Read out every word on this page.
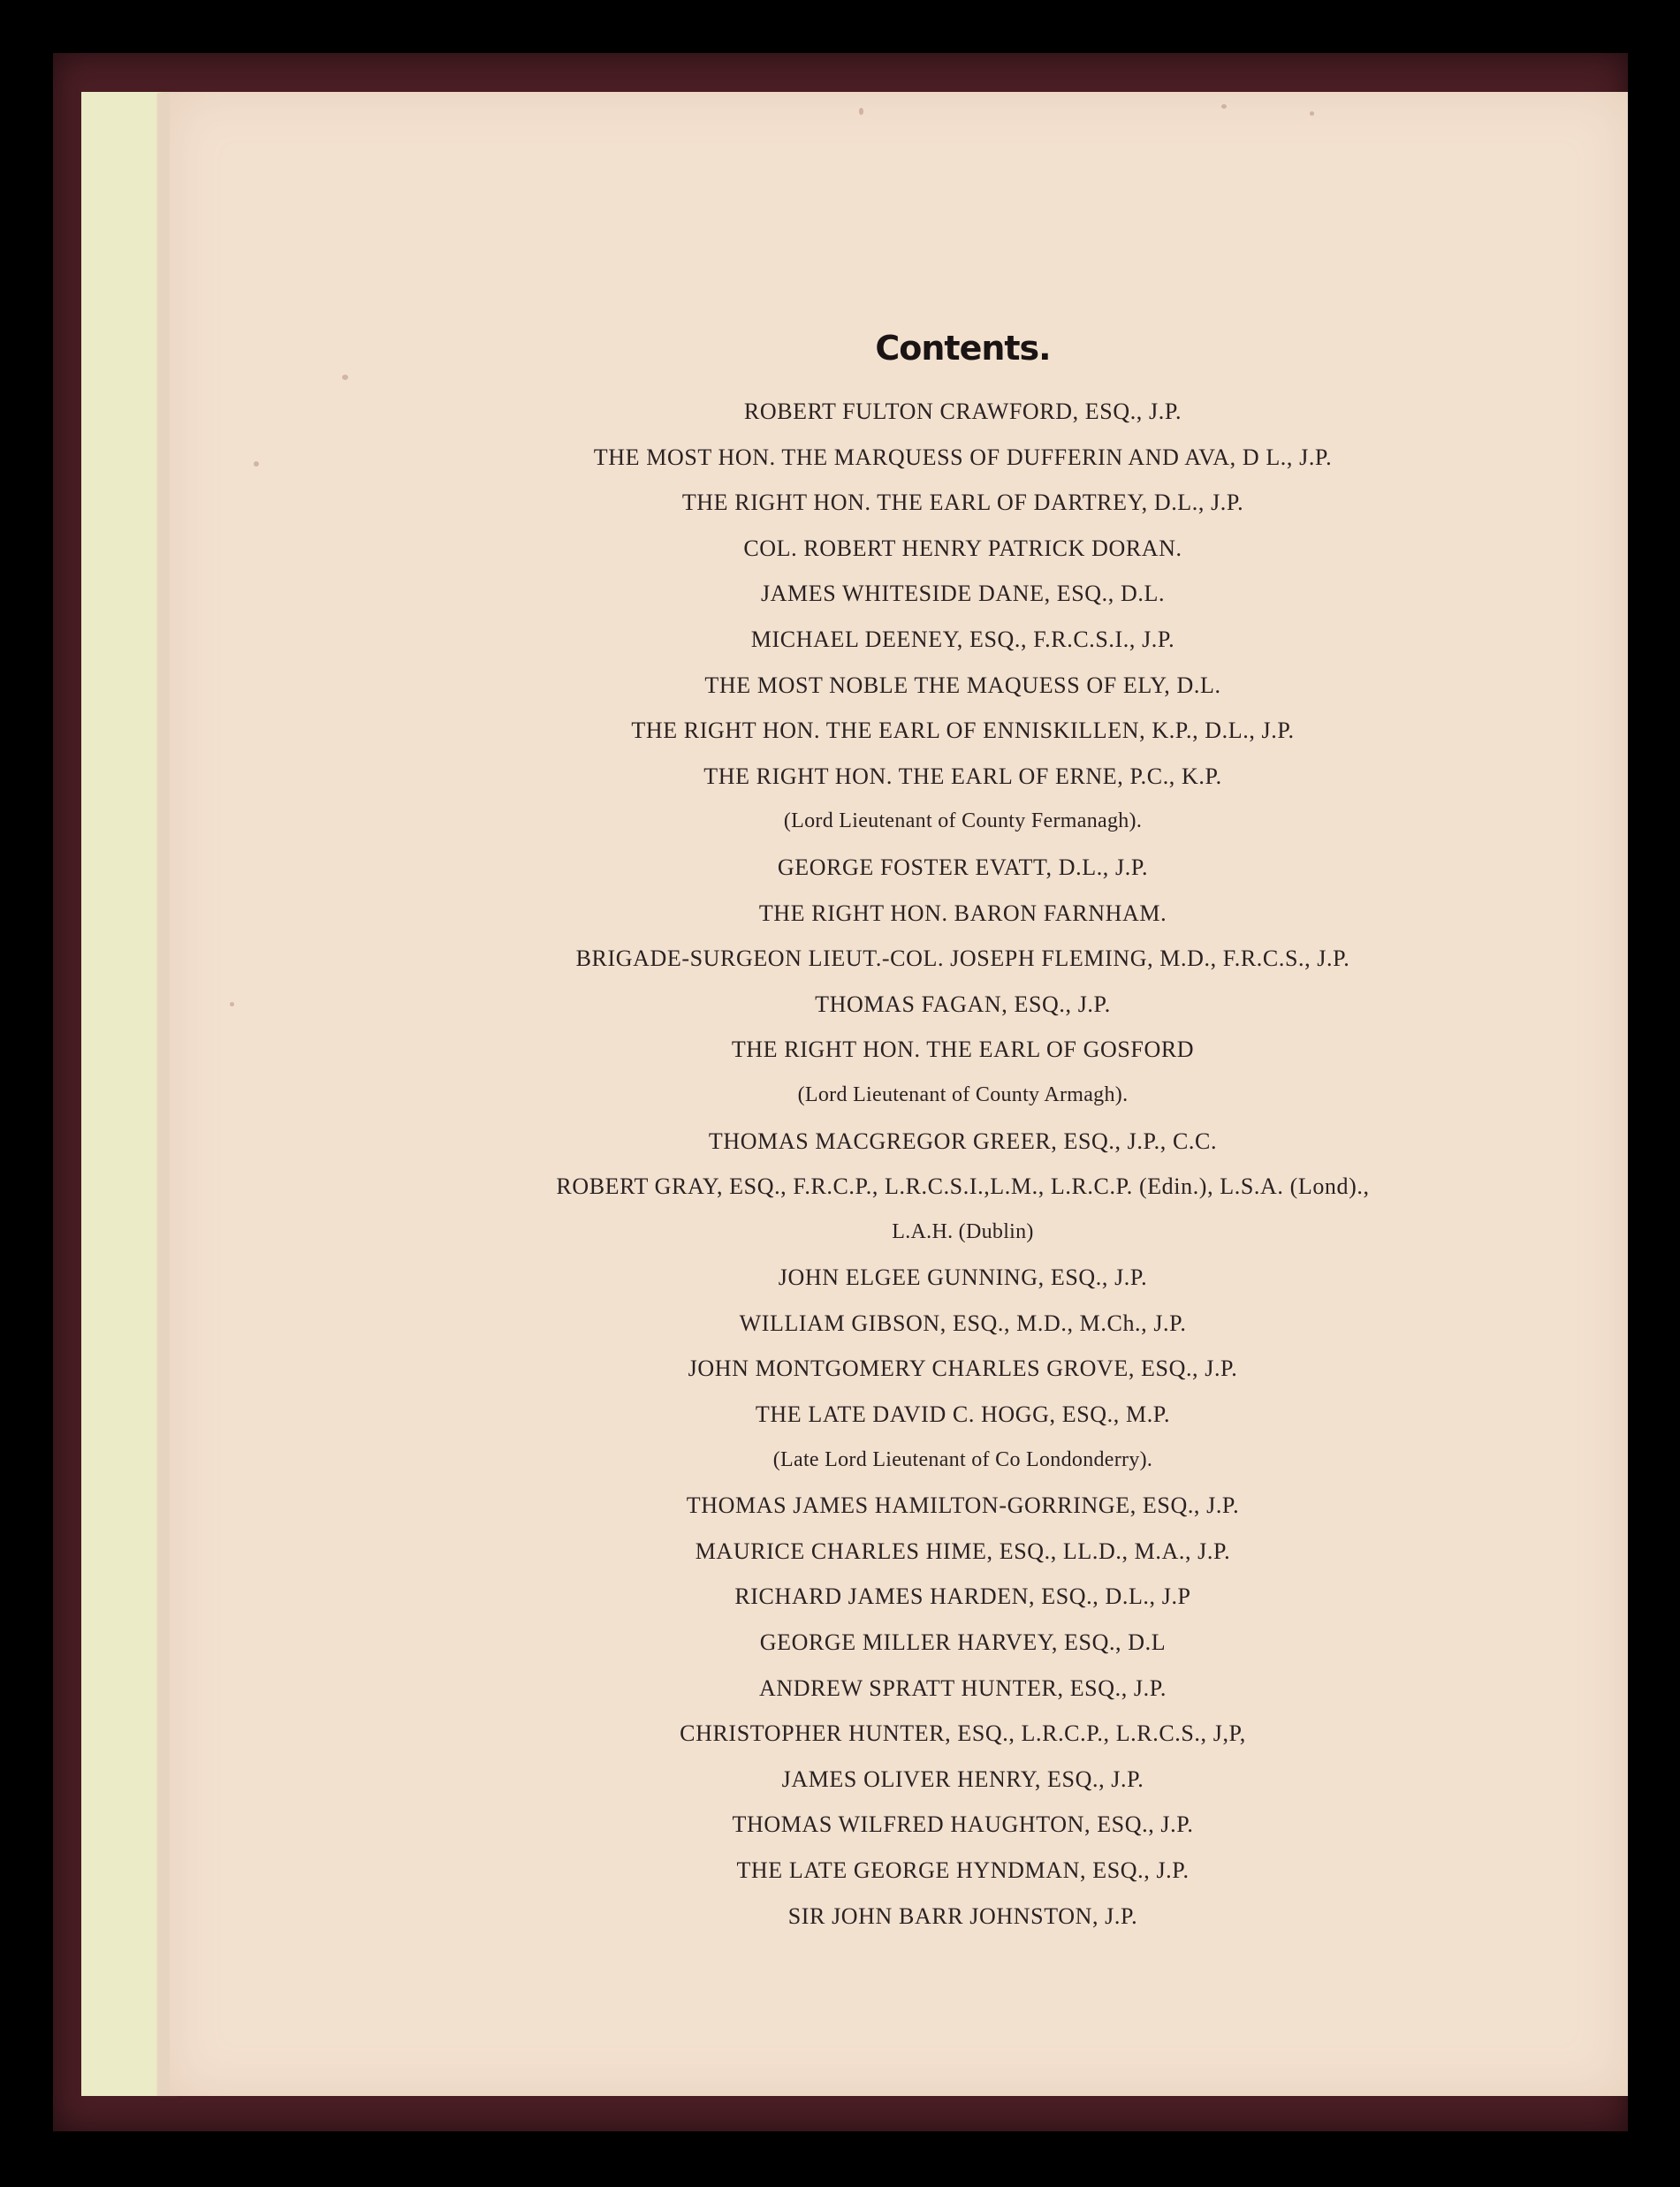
Contents.
ROBERT FULTON CRAWFORD, ESQ., J.P.
THE MOST HON. THE MARQUESS OF DUFFERIN AND AVA, D L., J.P.
THE RIGHT HON. THE EARL OF DARTREY, D.L., J.P.
COL. ROBERT HENRY PATRICK DORAN.
JAMES WHITESIDE DANE, ESQ., D.L.
MICHAEL DEENEY, ESQ., F.R.C.S.I., J.P.
THE MOST NOBLE THE MAQUESS OF ELY, D.L.
THE RIGHT HON. THE EARL OF ENNISKILLEN, K.P., D.L., J.P.
THE RIGHT HON. THE EARL OF ERNE, P.C., K.P.
(Lord Lieutenant of County Fermanagh).
GEORGE FOSTER EVATT, D.L., J.P.
THE RIGHT HON. BARON FARNHAM.
BRIGADE-SURGEON LIEUT.-COL. JOSEPH FLEMING, M.D., F.R.C.S., J.P.
THOMAS FAGAN, ESQ., J.P.
THE RIGHT HON. THE EARL OF GOSFORD
(Lord Lieutenant of County Armagh).
THOMAS MACGREGOR GREER, ESQ., J.P., C.C.
ROBERT GRAY, ESQ., F.R.C.P., L.R.C.S.I.,L.M., L.R.C.P. (Edin.), L.S.A. (Lond).,
L.A.H. (Dublin)
JOHN ELGEE GUNNING, ESQ., J.P.
WILLIAM GIBSON, ESQ., M.D., M.Ch., J.P.
JOHN MONTGOMERY CHARLES GROVE, ESQ., J.P.
THE LATE DAVID C. HOGG, ESQ., M.P.
(Late Lord Lieutenant of Co Londonderry).
THOMAS JAMES HAMILTON-GORRINGE, ESQ., J.P.
MAURICE CHARLES HIME, ESQ., LL.D., M.A., J.P.
RICHARD JAMES HARDEN, ESQ., D.L., J.P
GEORGE MILLER HARVEY, ESQ., D.L
ANDREW SPRATT HUNTER, ESQ., J.P.
CHRISTOPHER HUNTER, ESQ., L.R.C.P., L.R.C.S., J,P,
JAMES OLIVER HENRY, ESQ., J.P.
THOMAS WILFRED HAUGHTON, ESQ., J.P.
THE LATE GEORGE HYNDMAN, ESQ., J.P.
SIR JOHN BARR JOHNSTON, J.P.
